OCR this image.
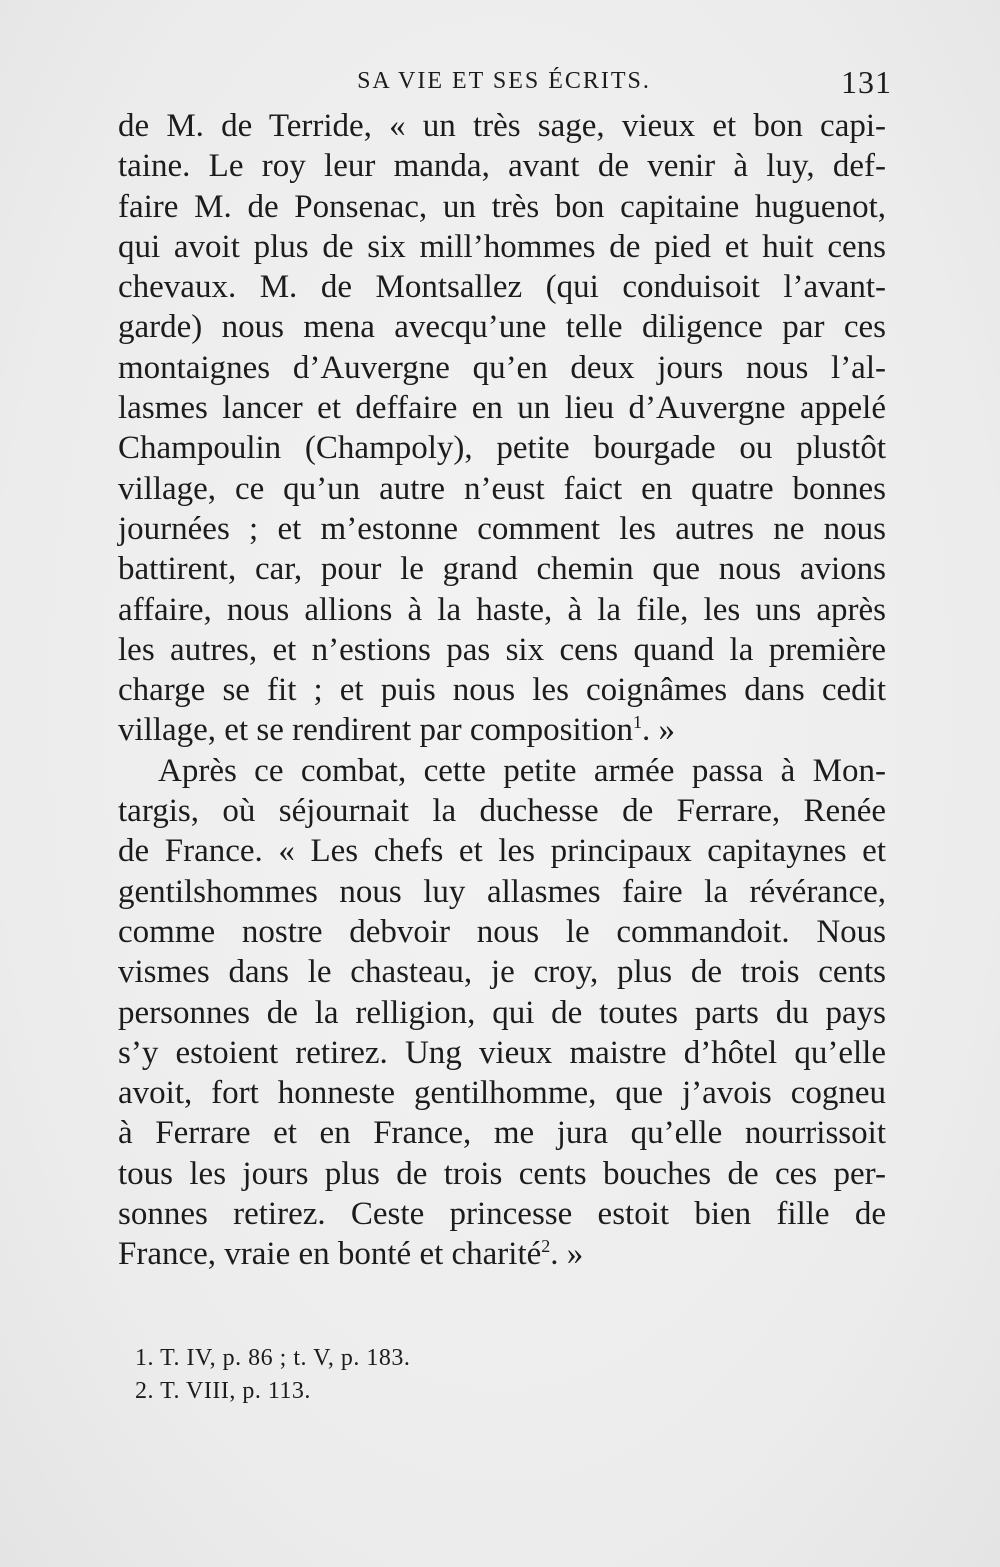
SA VIE ET SES ÉCRITS.	131
de M. de Terride, « un très sage, vieux et bon capi-
taine. Le roy leur manda, avant de venir à luy, def-
faire M. de Ponsenac, un très bon capitaine huguenot,
qui avoit plus de six mill’hommes de pied et huit cens
chevaux. M. de Montsallez (qui conduisoit l’avant-
garde) nous mena avecqu’une telle diligence par ces
montaignes d’Auvergne qu’en deux jours nous l’al-
lasmes lancer et deffaire en un lieu d’Auvergne appelé
Champoulin (Champoly), petite bourgade ou plustôt
village, ce qu’un autre n’eust faict en quatre bonnes
journées ; et m’estonne comment les autres ne nous
battirent, car, pour le grand chemin que nous avions
affaire, nous allions à la haste, à la file, les uns après
les autres, et n’estions pas six cens quand la première
charge se fit ; et puis nous les coignâmes dans cedit
village, et se rendirent par composition$^1$. »
Après ce combat, cette petite armée passa à Mon-
targis, où séjournait la duchesse de Ferrare, Renée
de France. « Les chefs et les principaux capitaynes et
gentilshommes nous luy allasmes faire la révérance,
comme nostre debvoir nous le commandoit. Nous
vismes dans le chasteau, je croy, plus de trois cents
personnes de la relligion, qui de toutes parts du pays
s’y estoient retirez. Ung vieux maistre d’hôtel qu’elle
avoit, fort honneste gentilhomme, que j’avois cogneu
à Ferrare et en France, me jura qu’elle nourrissoit
tous les jours plus de trois cents bouches de ces per-
sonnes retirez. Ceste princesse estoit bien fille de
France, vraie en bonté et charité$^2$. »
1. T. IV, p. 86 ; t. V, p. 183.
2. T. VIII, p. 113.
